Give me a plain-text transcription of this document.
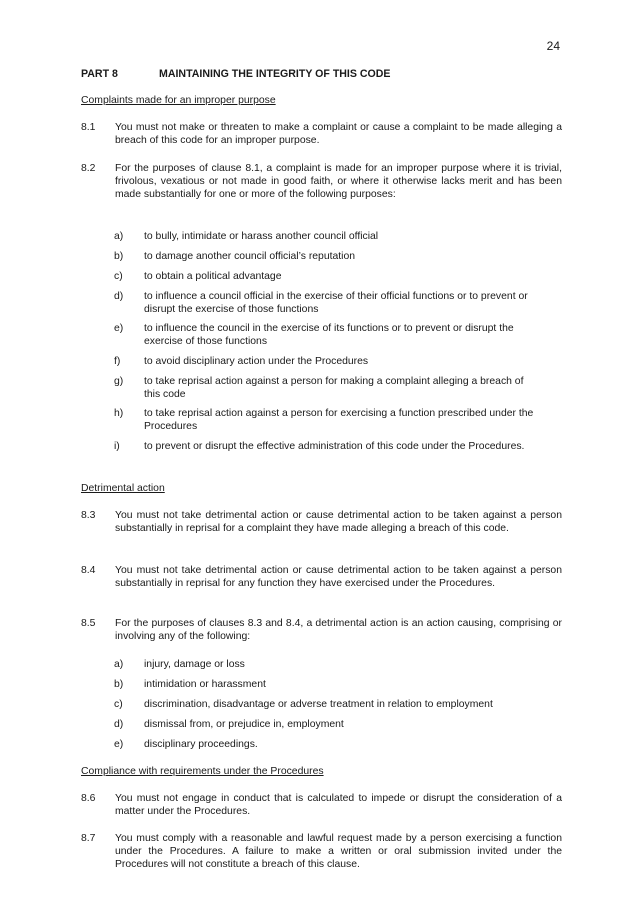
24
PART 8	MAINTAINING THE INTEGRITY OF THIS CODE
Complaints made for an improper purpose
8.1	You must not make or threaten to make a complaint or cause a complaint to be made alleging a breach of this code for an improper purpose.
8.2	For the purposes of clause 8.1, a complaint is made for an improper purpose where it is trivial, frivolous, vexatious or not made in good faith, or where it otherwise lacks merit and has been made substantially for one or more of the following purposes:
a)	to bully, intimidate or harass another council official
b)	to damage another council official’s reputation
c)	to obtain a political advantage
d)	to influence a council official in the exercise of their official functions or to prevent or disrupt the exercise of those functions
e)	to influence the council in the exercise of its functions or to prevent or disrupt the exercise of those functions
f)	to avoid disciplinary action under the Procedures
g)	to take reprisal action against a person for making a complaint alleging a breach of this code
h)	to take reprisal action against a person for exercising a function prescribed under the Procedures
i)	to prevent or disrupt the effective administration of this code under the Procedures.
Detrimental action
8.3	You must not take detrimental action or cause detrimental action to be taken against a person substantially in reprisal for a complaint they have made alleging a breach of this code.
8.4	You must not take detrimental action or cause detrimental action to be taken against a person substantially in reprisal for any function they have exercised under the Procedures.
8.5	For the purposes of clauses 8.3 and 8.4, a detrimental action is an action causing, comprising or involving any of the following:
a)	injury, damage or loss
b)	intimidation or harassment
c)	discrimination, disadvantage or adverse treatment in relation to employment
d)	dismissal from, or prejudice in, employment
e)	disciplinary proceedings.
Compliance with requirements under the Procedures
8.6	You must not engage in conduct that is calculated to impede or disrupt the consideration of a matter under the Procedures.
8.7	You must comply with a reasonable and lawful request made by a person exercising a function under the Procedures. A failure to make a written or oral submission invited under the Procedures will not constitute a breach of this clause.
